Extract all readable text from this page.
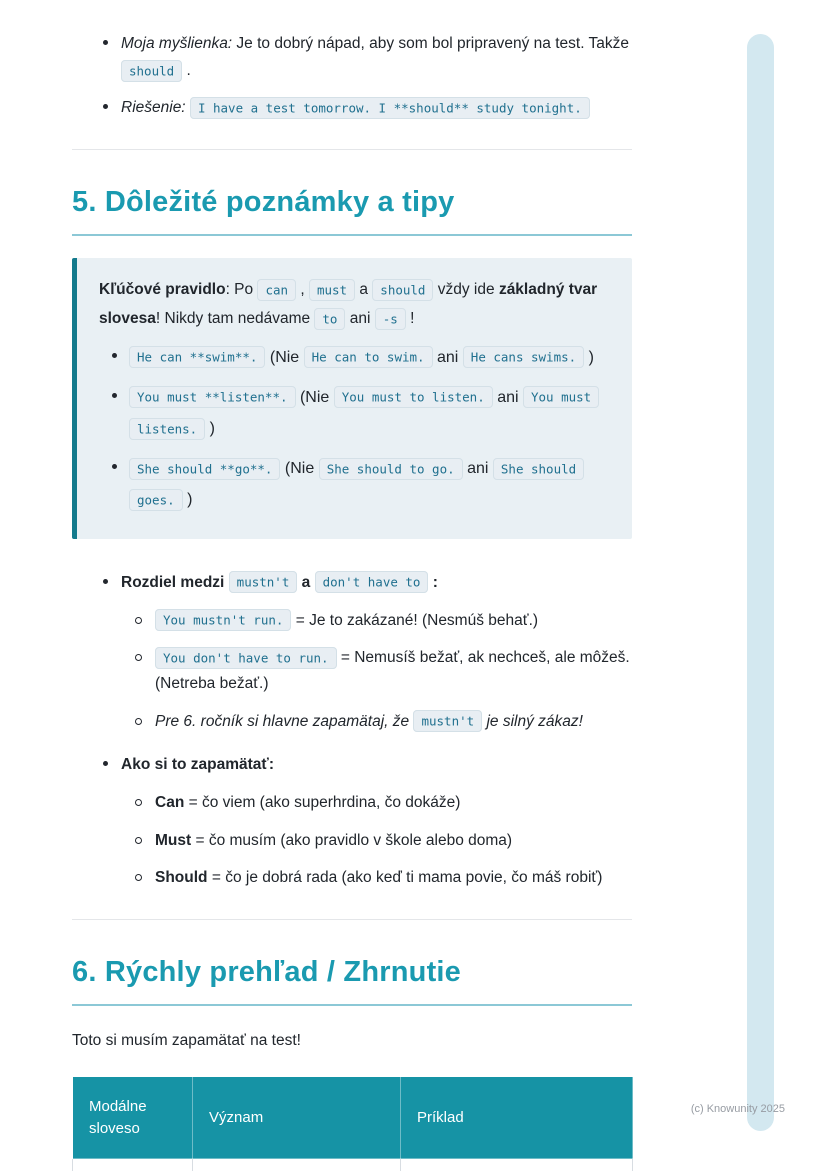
Moja myšlienka: Je to dobrý nápad, aby som bol pripravený na test. Takže should .
Riešenie: I have a test tomorrow. I **should** study tonight.
5. Dôležité poznámky a tipy

Kľúčové pravidlo: Po can , must a should vždy ide základný tvar slovesa! Nikdy tam nedávame to ani -s !

He can **swim**. (Nie He can to swim. ani He cans swims. )
You must **listen**. (Nie You must to listen. ani You must listens. )
She should **go**. (Nie She should to go. ani She should goes. )
Rozdiel medzi mustn't a don't have to :
You mustn't run. = Je to zakázané! (Nesmúš behať.)
You don't have to run. = Nemusíš bežať, ak nechceš, ale môžeš. (Netreba bežať.)
Pre 6. ročník si hlavne zapamätaj, že mustn't je silný zákaz!
Ako si to zapamätať:
Can = čo viem (ako superhrdina, čo dokáže)
Must = čo musím (ako pravidlo v škole alebo doma)
Should = čo je dobrá rada (ako keď ti mama povie, čo máš robiť)
6. Rýchly prehľad / Zhrnutie

Toto si musím zapamätať na test!

Modálne sloveso	Význam	Príklad
			(c) Knowunity 2025
